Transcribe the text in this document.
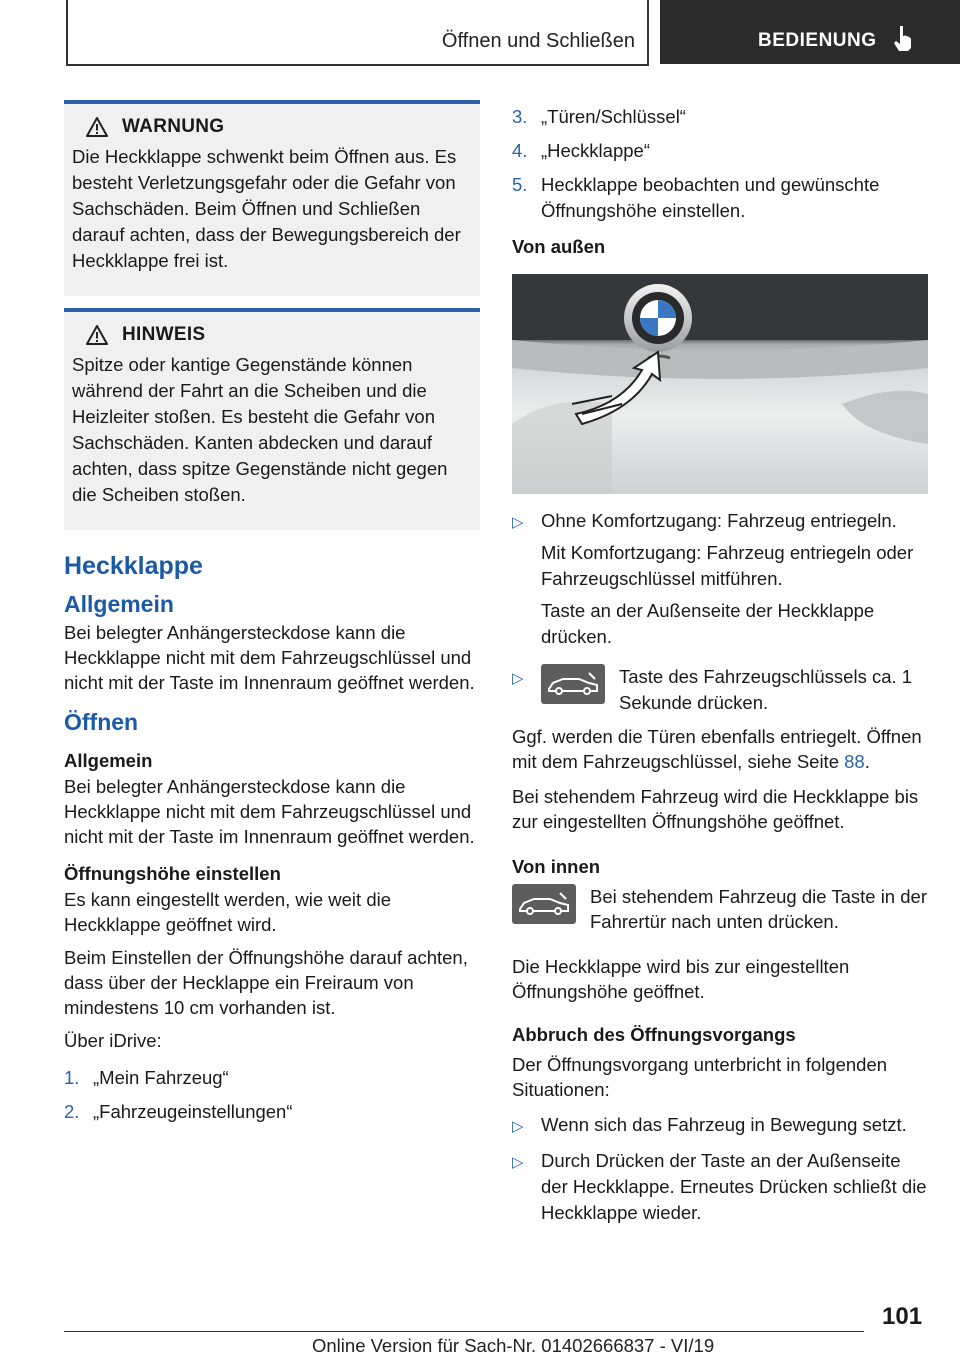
Öffnen und Schließen	BEDIENUNG
WARNUNG

Die Heckklappe schwenkt beim Öffnen aus. Es besteht Verletzungsgefahr oder die Gefahr von Sachschäden. Beim Öffnen und Schließen darauf achten, dass der Bewegungsbereich der Heckklappe frei ist.

HINWEIS

Spitze oder kantige Gegenstände können während der Fahrt an die Scheiben und die Heizleiter stoßen. Es besteht die Gefahr von Sachschäden. Kanten abdecken und darauf achten, dass spitze Gegenstände nicht gegen die Scheiben stoßen.

Heckklappe
Allgemein

Bei belegter Anhängersteckdose kann die Heckklappe nicht mit dem Fahrzeugschlüssel und nicht mit der Taste im Innenraum geöffnet werden.

Öffnen
Allgemein

Bei belegter Anhängersteckdose kann die Heckklappe nicht mit dem Fahrzeugschlüssel und nicht mit der Taste im Innenraum geöffnet werden.

Öffnungshöhe einstellen

Es kann eingestellt werden, wie weit die Heckklappe geöffnet wird.

Beim Einstellen der Öffnungshöhe darauf achten, dass über der Hecklappe ein Freiraum von mindestens 10 cm vorhanden ist.

Über iDrive:

1. „Mein Fahrzeug“
2. „Fahrzeugeinstellungen“
3. „Türen/Schlüssel“
4. „Heckklappe“
5. Heckklappe beobachten und gewünschte Öffnungshöhe einstellen.
Von außen
▷ Ohne Komfortzugang: Fahrzeug entriegeln.

Mit Komfortzugang: Fahrzeug entriegeln oder Fahrzeugschlüssel mitführen.

Taste an der Außenseite der Heckklappe drücken.

▷	Taste des Fahrzeugschlüssels ca. 1 Sekunde drücken.

Ggf. werden die Türen ebenfalls entriegelt. Öffnen mit dem Fahrzeugschlüssel, siehe Seite 88.

Bei stehendem Fahrzeug wird die Heckklappe bis zur eingestellten Öffnungshöhe geöffnet.

Von innen

Bei stehendem Fahrzeug die Taste in der Fahrertür nach unten drücken.

Die Heckklappe wird bis zur eingestellten Öffnungshöhe geöffnet.

Abbruch des Öffnungsvorgangs

Der Öffnungsvorgang unterbricht in folgenden Situationen:

▷ Wenn sich das Fahrzeug in Bewegung setzt.
▷ Durch Drücken der Taste an der Außenseite der Heckklappe. Erneutes Drücken schließt die Heckklappe wieder.
101
Online Version für Sach-Nr. 01402666837 - VI/19
